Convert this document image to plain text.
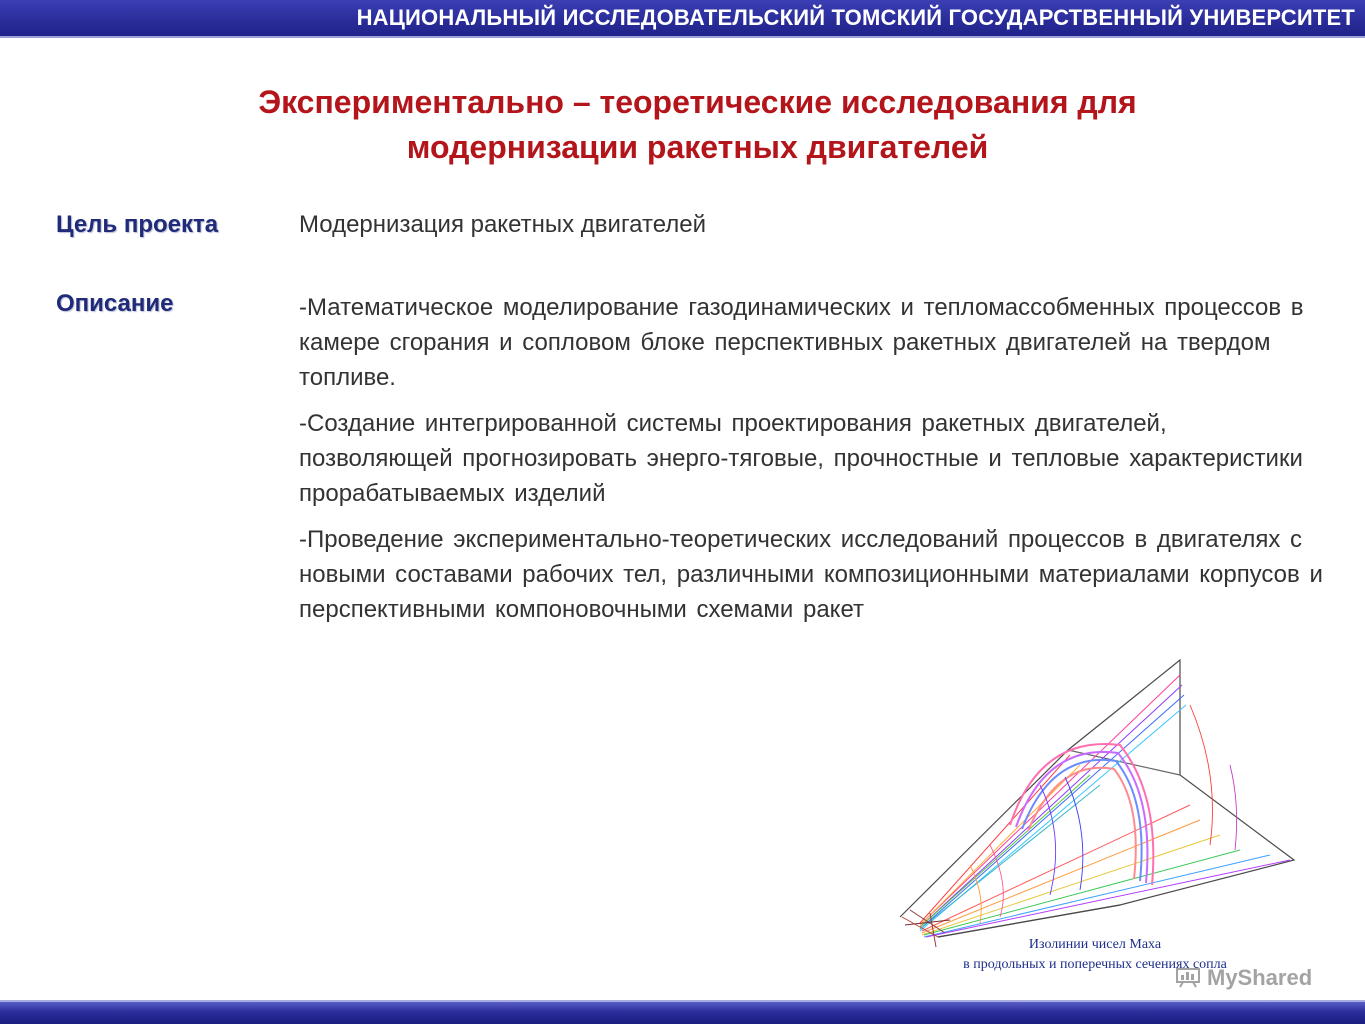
НАЦИОНАЛЬНЫЙ ИССЛЕДОВАТЕЛЬСКИЙ ТОМСКИЙ ГОСУДАРСТВЕННЫЙ УНИВЕРСИТЕТ
Экспериментально – теоретические исследования для
модернизации ракетных двигателей
Цель проекта	Модернизация ракетных двигателей
Описание	-Математическое моделирование газодинамических и тепломассобменных процессов в камере сгорания и сопловом блоке перспективных ракетных двигателей на твердом топливе.

-Создание интегрированной системы проектирования ракетных двигателей, позволяющей прогнозировать энерго-тяговые, прочностные и тепловые характеристики прорабатываемых изделий

-Проведение экспериментально-теоретических исследований процессов в двигателях с новыми составами рабочих тел, различными композиционными материалами корпусов и перспективными компоновочными схемами ракет

Изолинии чисел Маха
в продольных и поперечных сечениях сопла
MyShared
